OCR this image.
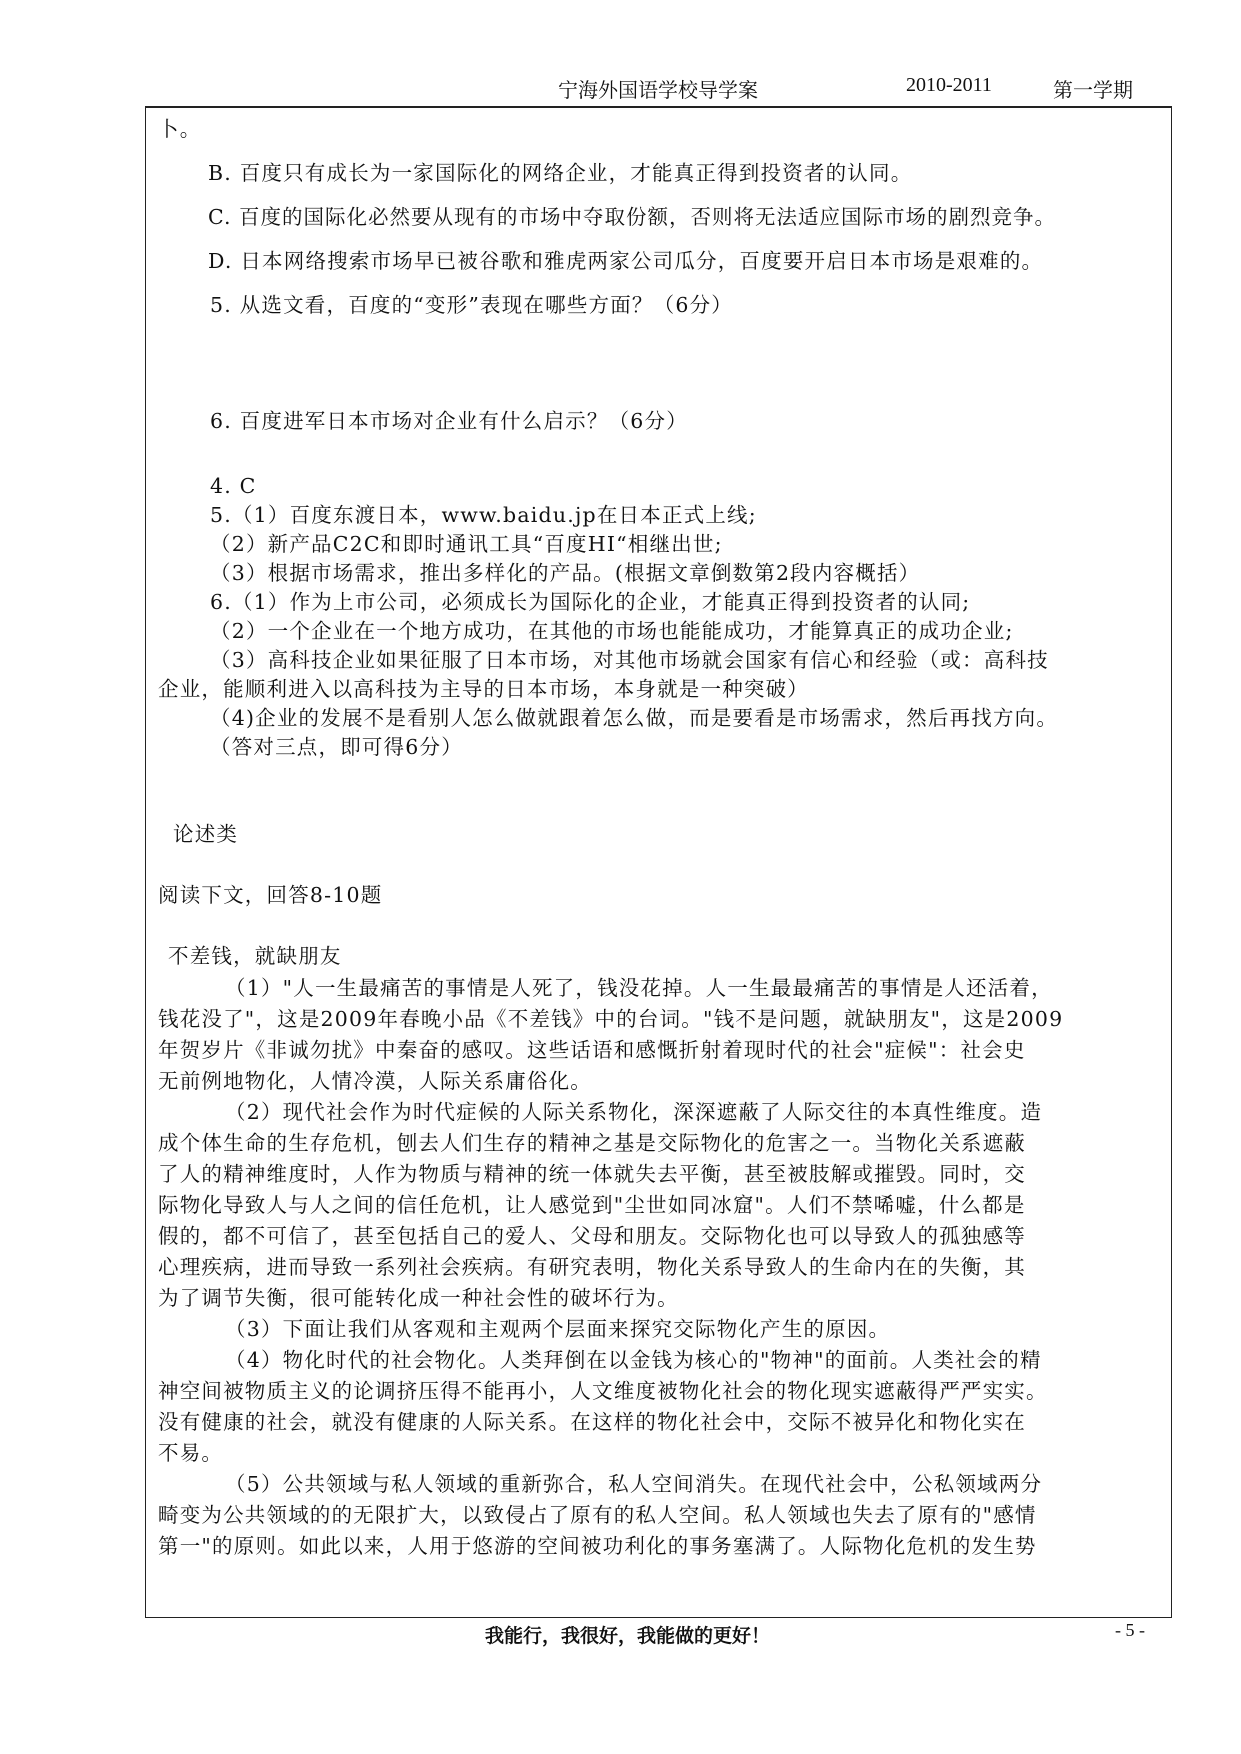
宁海外国语学校导学案	2010-2011	第一学期
卜。
B. 百度只有成长为一家国际化的网络企业，才能真正得到投资者的认同。
C. 百度的国际化必然要从现有的市场中夺取份额，否则将无法适应国际市场的剧烈竞争。
D. 日本网络搜索市场早已被谷歌和雅虎两家公司瓜分，百度要开启日本市场是艰难的。
5. 从选文看，百度的“变形”表现在哪些方面？（6分）
6. 百度进军日本市场对企业有什么启示？（6分）
4. C
5.（1）百度东渡日本，www.baidu.jp在日本正式上线;
（2）新产品C2C和即时通讯工具“百度HI“相继出世;
（3）根据市场需求，推出多样化的产品。(根据文章倒数第2段内容概括）
6.（1）作为上市公司，必须成长为国际化的企业，才能真正得到投资者的认同;
（2）一个企业在一个地方成功，在其他的市场也能能成功，才能算真正的成功企业;
（3）高科技企业如果征服了日本市场，对其他市场就会国家有信心和经验（或：高科技
企业，能顺利进入以高科技为主导的日本市场，本身就是一种突破）
（4)企业的发展不是看别人怎么做就跟着怎么做，而是要看是市场需求，然后再找方向。
（答对三点，即可得6分）
论述类
阅读下文，回答8-10题
不差钱，就缺朋友
（1）"人一生最痛苦的事情是人死了，钱没花掉。人一生最最痛苦的事情是人还活着，
钱花没了"，这是2009年春晚小品《不差钱》中的台词。"钱不是问题，就缺朋友"，这是2009
年贺岁片《非诚勿扰》中秦奋的感叹。这些话语和感慨折射着现时代的社会"症候"：社会史
无前例地物化，人情冷漠，人际关系庸俗化。
（2）现代社会作为时代症候的人际关系物化，深深遮蔽了人际交往的本真性维度。造
成个体生命的生存危机，刨去人们生存的精神之基是交际物化的危害之一。当物化关系遮蔽
了人的精神维度时，人作为物质与精神的统一体就失去平衡，甚至被肢解或摧毁。同时，交
际物化导致人与人之间的信任危机，让人感觉到"尘世如同冰窟"。人们不禁唏嘘，什么都是
假的，都不可信了，甚至包括自己的爱人、父母和朋友。交际物化也可以导致人的孤独感等
心理疾病，进而导致一系列社会疾病。有研究表明，物化关系导致人的生命内在的失衡，其
为了调节失衡，很可能转化成一种社会性的破坏行为。
（3）下面让我们从客观和主观两个层面来探究交际物化产生的原因。
（4）物化时代的社会物化。人类拜倒在以金钱为核心的"物神"的面前。人类社会的精
神空间被物质主义的论调挤压得不能再小，人文维度被物化社会的物化现实遮蔽得严严实实。
没有健康的社会，就没有健康的人际关系。在这样的物化社会中，交际不被异化和物化实在
不易。
（5）公共领域与私人领域的重新弥合，私人空间消失。在现代社会中，公私领域两分
畸变为公共领域的的无限扩大，以致侵占了原有的私人空间。私人领域也失去了原有的"感情
第一"的原则。如此以来，人用于悠游的空间被功利化的事务塞满了。人际物化危机的发生势
我能行，我很好，我能做的更好！	- 5 -
